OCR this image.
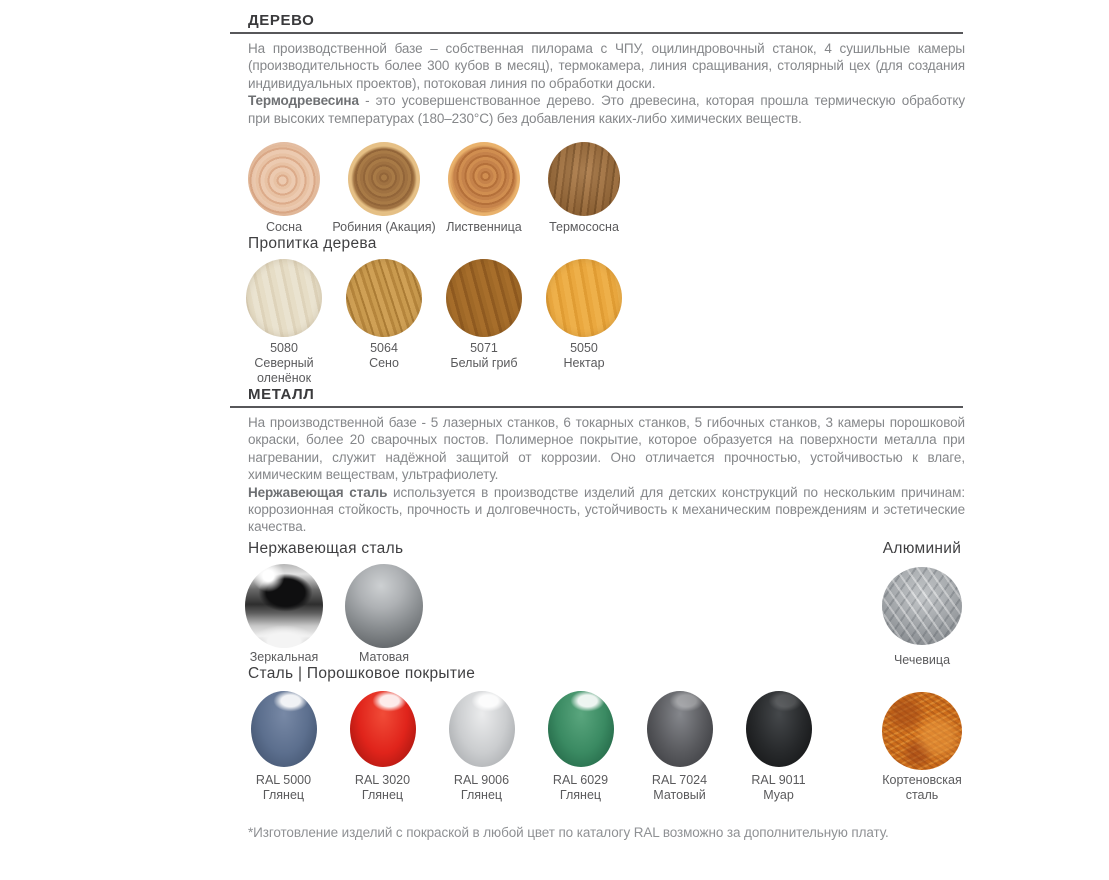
ДЕРЕВО

На производственной базе – собственная пилорама с ЧПУ, оцилиндровочный станок, 4 сушильные камеры (производительность более 300 кубов в месяц), термокамера, линия сращивания, столярный цех (для создания индивидуальных проектов), потоковая линия по обработки доски.

Термодревесина - это усовершенствованное дерево. Это древесина, которая прошла термическую обработку при высоких температурах (180–230°С) без добавления каких-либо химических веществ.

Сосна Робиния (Акация) Лиственница Термососна
Пропитка дерева
5080
Северный оленёнок
5064
Сено
5071
Белый гриб
5050
Нектар
МЕТАЛЛ

На производственной базе - 5 лазерных станков, 6 токарных станков, 5 гибочных станков, 3 камеры порошковой окраски, более 20 сварочных постов. Полимерное покрытие, которое образуется на поверхности металла при нагревании, служит надёжной защитой от коррозии. Оно отличается прочностью, устойчивостью к влаге, химическим веществам, ультрафиолету.

Нержавеющая сталь используется в производстве изделий для детских конструкций по нескольким причинам: коррозионная стойкость, прочность и долговечность, устойчивость к механическим повреждениям и эстетические качества.

Нержавеющая сталь	Алюминий
Зеркальная	Матовая	Чечевица
Сталь | Порошковое покрытие
RAL 5000
Глянец
RAL 3020
Глянец
RAL 9006
Глянец
RAL 6029
Глянец
RAL 7024
Матовый
RAL 9011
Муар
Кортеновская сталь

*Изготовление изделий с покраской в любой цвет по каталогу RAL возможно за дополнительную плату.
